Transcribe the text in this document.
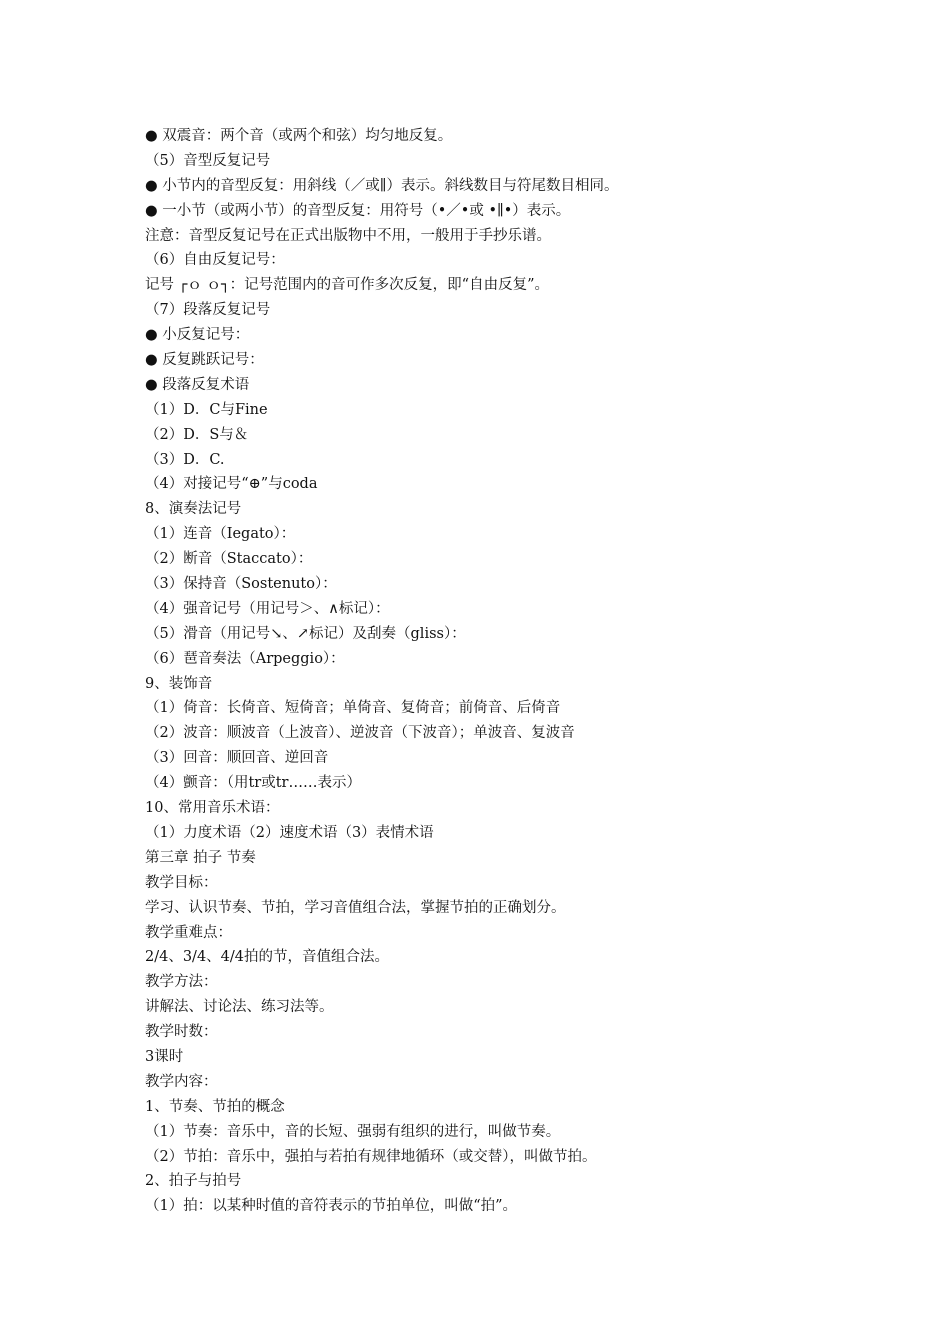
● 双震音：两个音（或两个和弦）均匀地反复。
（5）音型反复记号
● 小节内的音型反复：用斜线（／或∥）表示。斜线数目与符尾数目相同。
● 一小节（或两小节）的音型反复：用符号（•／•或 •∥•）表示。
注意：音型反复记号在正式出版物中不用，一般用于手抄乐谱。
（6）自由反复记号：
记号 ┌ｏ ｏ┐：记号范围内的音可作多次反复，即“自由反复”。
（7）段落反复记号
● 小反复记号：
● 反复跳跃记号：
● 段落反复术语
（1）D．C与Fine
（2）D．S与＆
（3）D．C.
（4）对接记号“⊕”与coda
8、演奏法记号
（1）连音（Iegato）：
（2）断音（Staccato）：
（3）保持音（Sostenuto）：
（4）强音记号（用记号＞、∧标记）：
（5）滑音（用记号↘、↗标记）及刮奏（gliss）：
（6）琶音奏法（Arpeggio）：
9、装饰音
（1）倚音：长倚音、短倚音；单倚音、复倚音；前倚音、后倚音
（2）波音：顺波音（上波音）、逆波音（下波音）；单波音、复波音
（3）回音：顺回音、逆回音
（4）颤音：（用tr或tr……表示）
10、常用音乐术语：
（1）力度术语（2）速度术语（3）表情术语
第三章 拍子 节奏
教学目标：
学习、认识节奏、节拍，学习音值组合法，掌握节拍的正确划分。
教学重难点：
2/4、3/4、4/4拍的节，音值组合法。
教学方法：
讲解法、讨论法、练习法等。
教学时数：
3课时
教学内容：
1、节奏、节拍的概念
（1）节奏：音乐中，音的长短、强弱有组织的进行，叫做节奏。
（2）节拍：音乐中，强拍与若拍有规律地循环（或交替），叫做节拍。
2、拍子与拍号
（1）拍：以某种时值的音符表示的节拍单位，叫做“拍”。
